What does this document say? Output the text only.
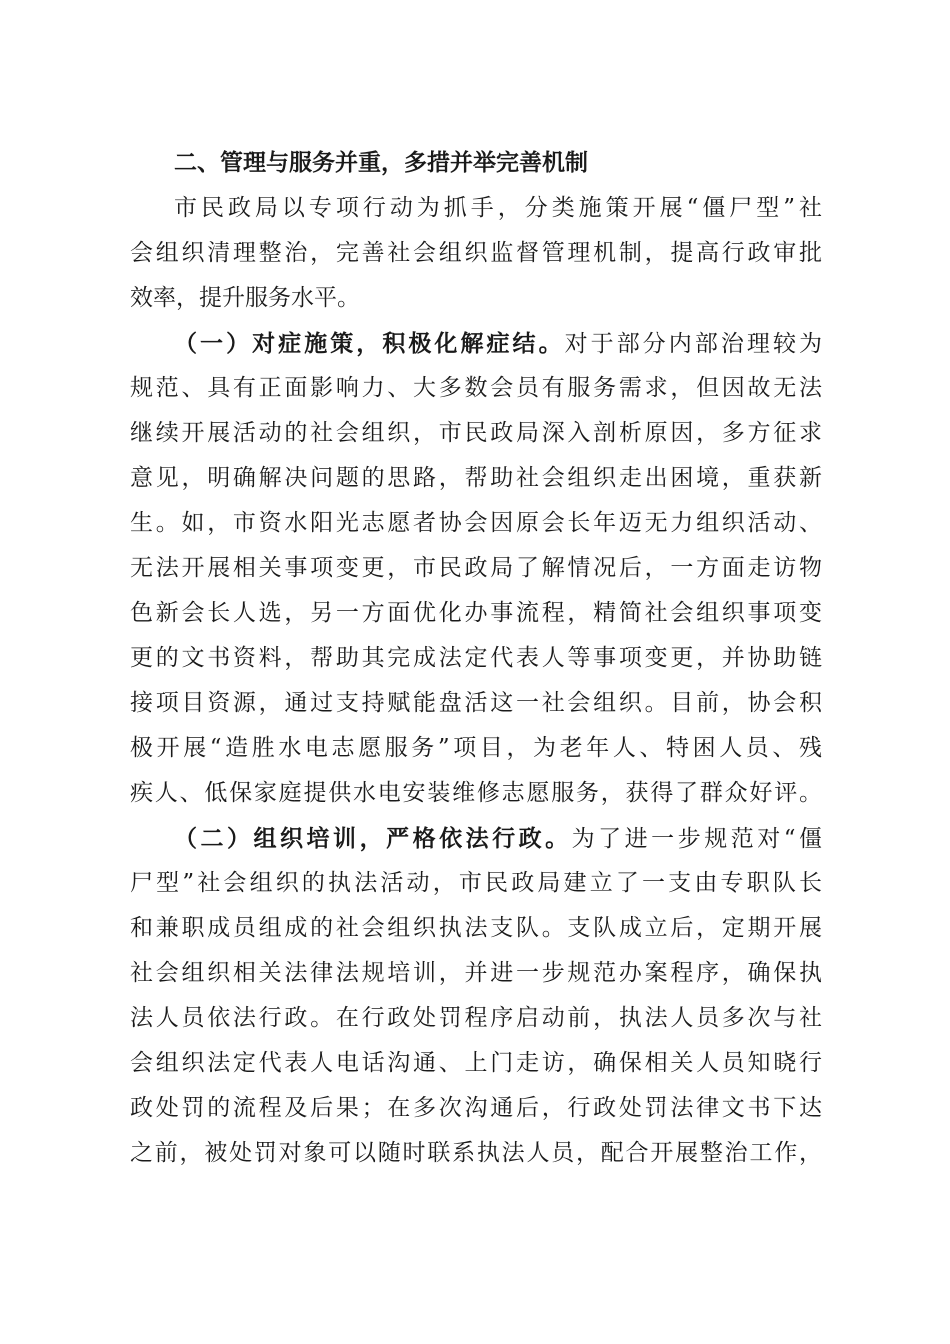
二、管理与服务并重，多措并举完善机制
市民政局以专项行动为抓手，分类施策开展“僵尸型”社
会组织清理整治，完善社会组织监督管理机制，提高行政审批
效率，提升服务水平。
（一）对症施策，积极化解症结。对于部分内部治理较为
规范、具有正面影响力、大多数会员有服务需求，但因故无法
继续开展活动的社会组织，市民政局深入剖析原因，多方征求
意见，明确解决问题的思路，帮助社会组织走出困境，重获新
生。如，市资水阳光志愿者协会因原会长年迈无力组织活动、
无法开展相关事项变更，市民政局了解情况后，一方面走访物
色新会长人选，另一方面优化办事流程，精简社会组织事项变
更的文书资料，帮助其完成法定代表人等事项变更，并协助链
接项目资源，通过支持赋能盘活这一社会组织。目前，协会积
极开展“造胜水电志愿服务”项目，为老年人、特困人员、残
疾人、低保家庭提供水电安装维修志愿服务，获得了群众好评。
（二）组织培训，严格依法行政。为了进一步规范对“僵
尸型”社会组织的执法活动，市民政局建立了一支由专职队长
和兼职成员组成的社会组织执法支队。支队成立后，定期开展
社会组织相关法律法规培训，并进一步规范办案程序，确保执
法人员依法行政。在行政处罚程序启动前，执法人员多次与社
会组织法定代表人电话沟通、上门走访，确保相关人员知晓行
政处罚的流程及后果；在多次沟通后，行政处罚法律文书下达
之前，被处罚对象可以随时联系执法人员，配合开展整治工作，
